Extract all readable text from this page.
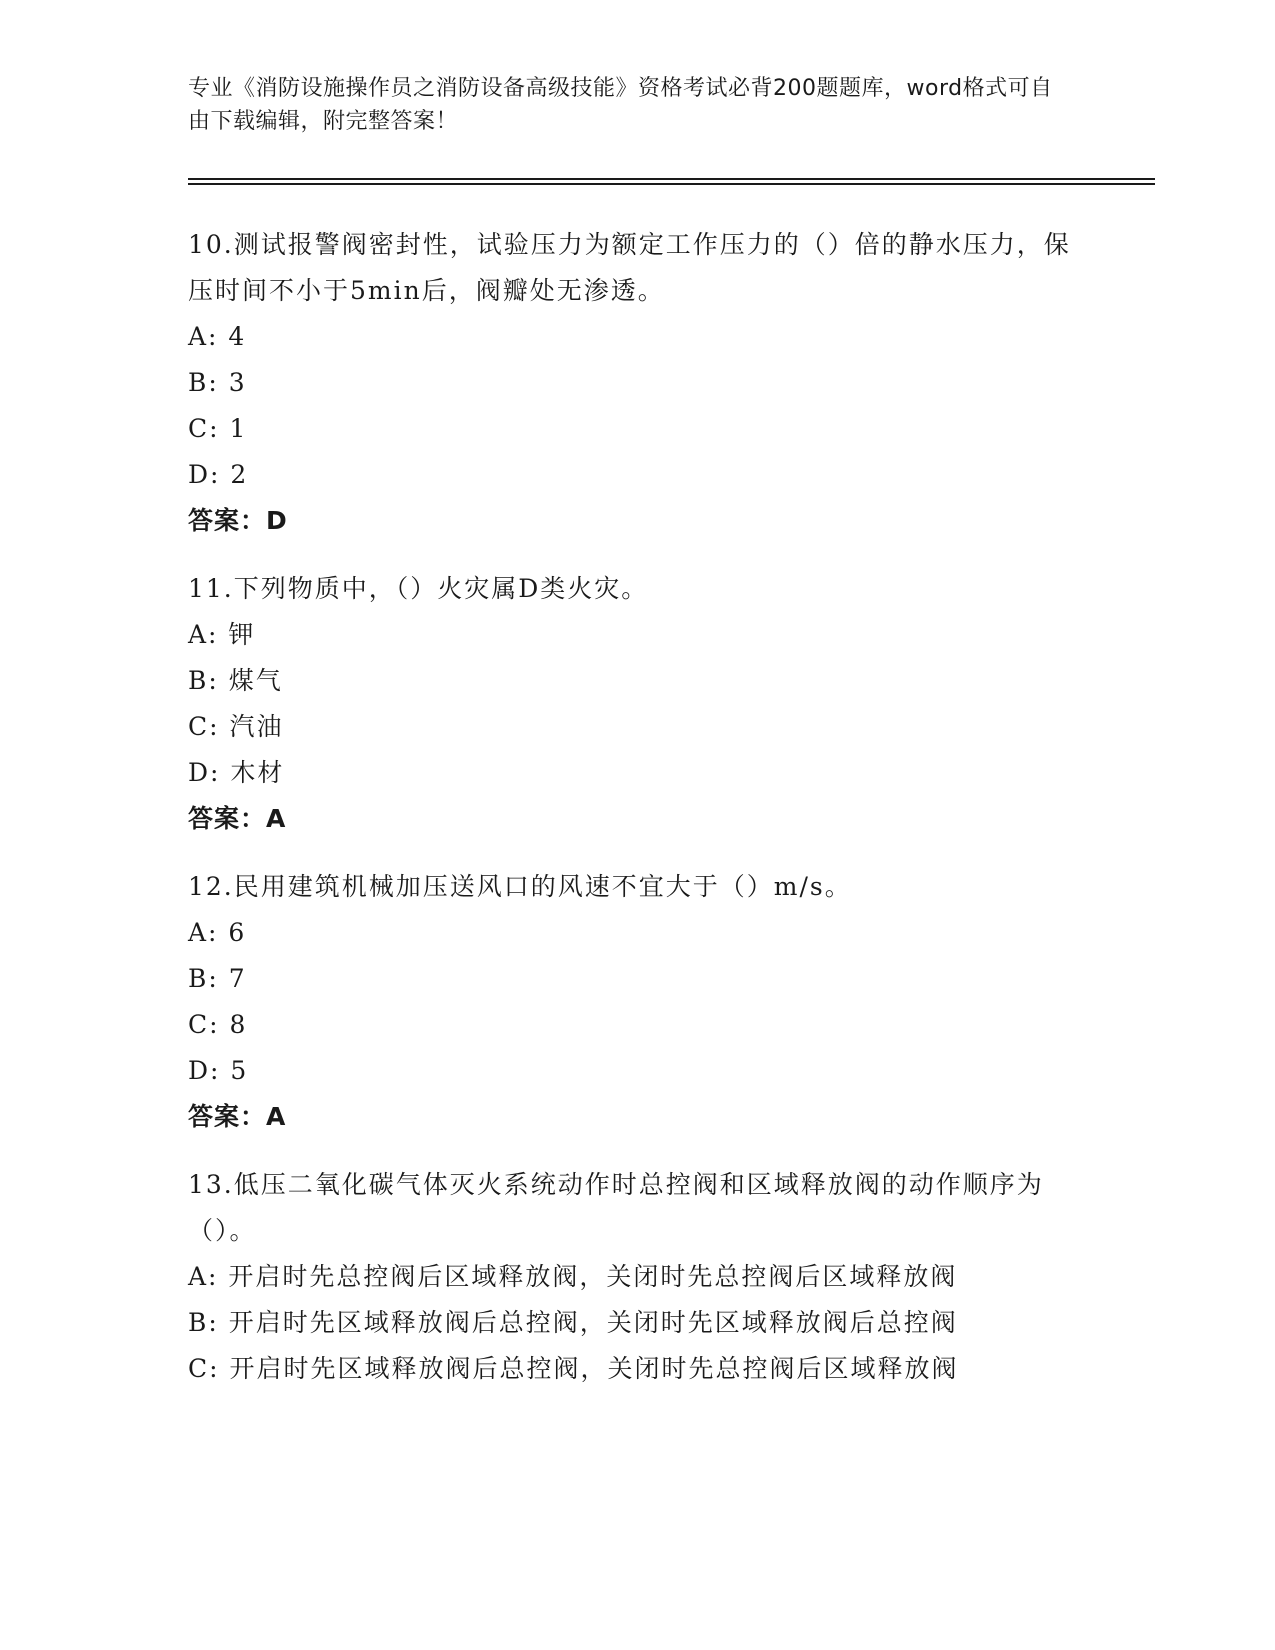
专业《消防设施操作员之消防设备高级技能》资格考试必背200题题库，word格式可自由下载编辑，附完整答案！

10.测试报警阀密封性，试验压力为额定工作压力的（）倍的静水压力，保压时间不小于5min后，阀瓣处无渗透。

A: 4

B: 3

C: 1

D: 2

答案：D

11.下列物质中，（）火灾属D类火灾。

A: 钾

B: 煤气

C: 汽油

D: 木材

答案：A

12.民用建筑机械加压送风口的风速不宜大于（）m/s。

A: 6

B: 7

C: 8

D: 5

答案：A

13.低压二氧化碳气体灭火系统动作时总控阀和区域释放阀的动作顺序为（）。

A: 开启时先总控阀后区域释放阀，关闭时先总控阀后区域释放阀

B: 开启时先区域释放阀后总控阀，关闭时先区域释放阀后总控阀

C: 开启时先区域释放阀后总控阀，关闭时先总控阀后区域释放阀
